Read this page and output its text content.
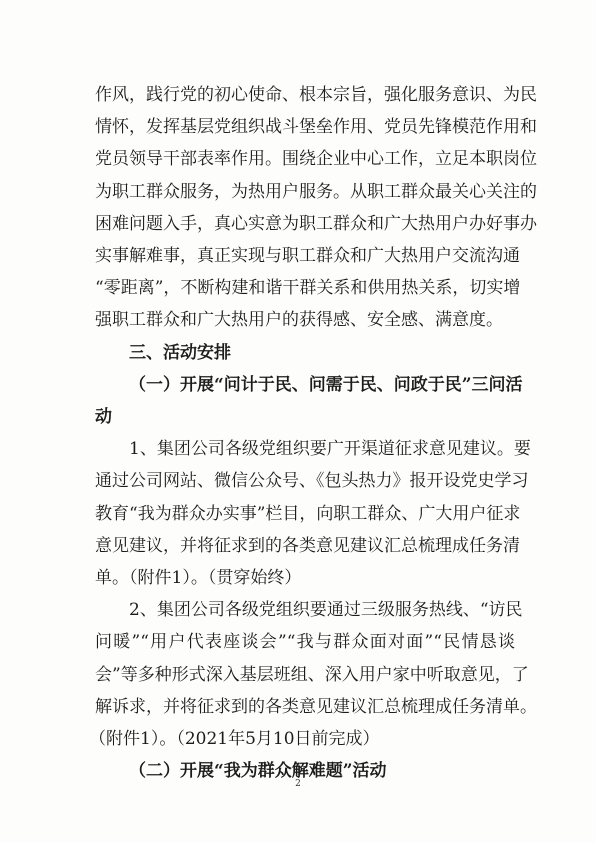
作风，践行党的初心使命、根本宗旨，强化服务意识、为民
情怀，发挥基层党组织战斗堡垒作用、党员先锋模范作用和
党员领导干部表率作用。围绕企业中心工作，立足本职岗位
为职工群众服务，为热用户服务。从职工群众最关心关注的
困难问题入手，真心实意为职工群众和广大热用户办好事办
实事解难事，真正实现与职工群众和广大热用户交流沟通
“零距离”，不断构建和谐干群关系和供用热关系，切实增
强职工群众和广大热用户的获得感、安全感、满意度。
三、活动安排
（一）开展“问计于民、问需于民、问政于民”三问活
动
1、集团公司各级党组织要广开渠道征求意见建议。要
通过公司网站、微信公众号、《包头热力》报开设党史学习
教育“我为群众办实事”栏目，向职工群众、广大用户征求
意见建议，并将征求到的各类意见建议汇总梳理成任务清
单。（附件1）。（贯穿始终）
2、集团公司各级党组织要通过三级服务热线、“访民
问暖”“用户代表座谈会”“我与群众面对面”“民情恳谈
会”等多种形式深入基层班组、深入用户家中听取意见，了
解诉求，并将征求到的各类意见建议汇总梳理成任务清单。
（附件1）。（2021年5月10日前完成）
（二）开展“我为群众解难题”活动
2
